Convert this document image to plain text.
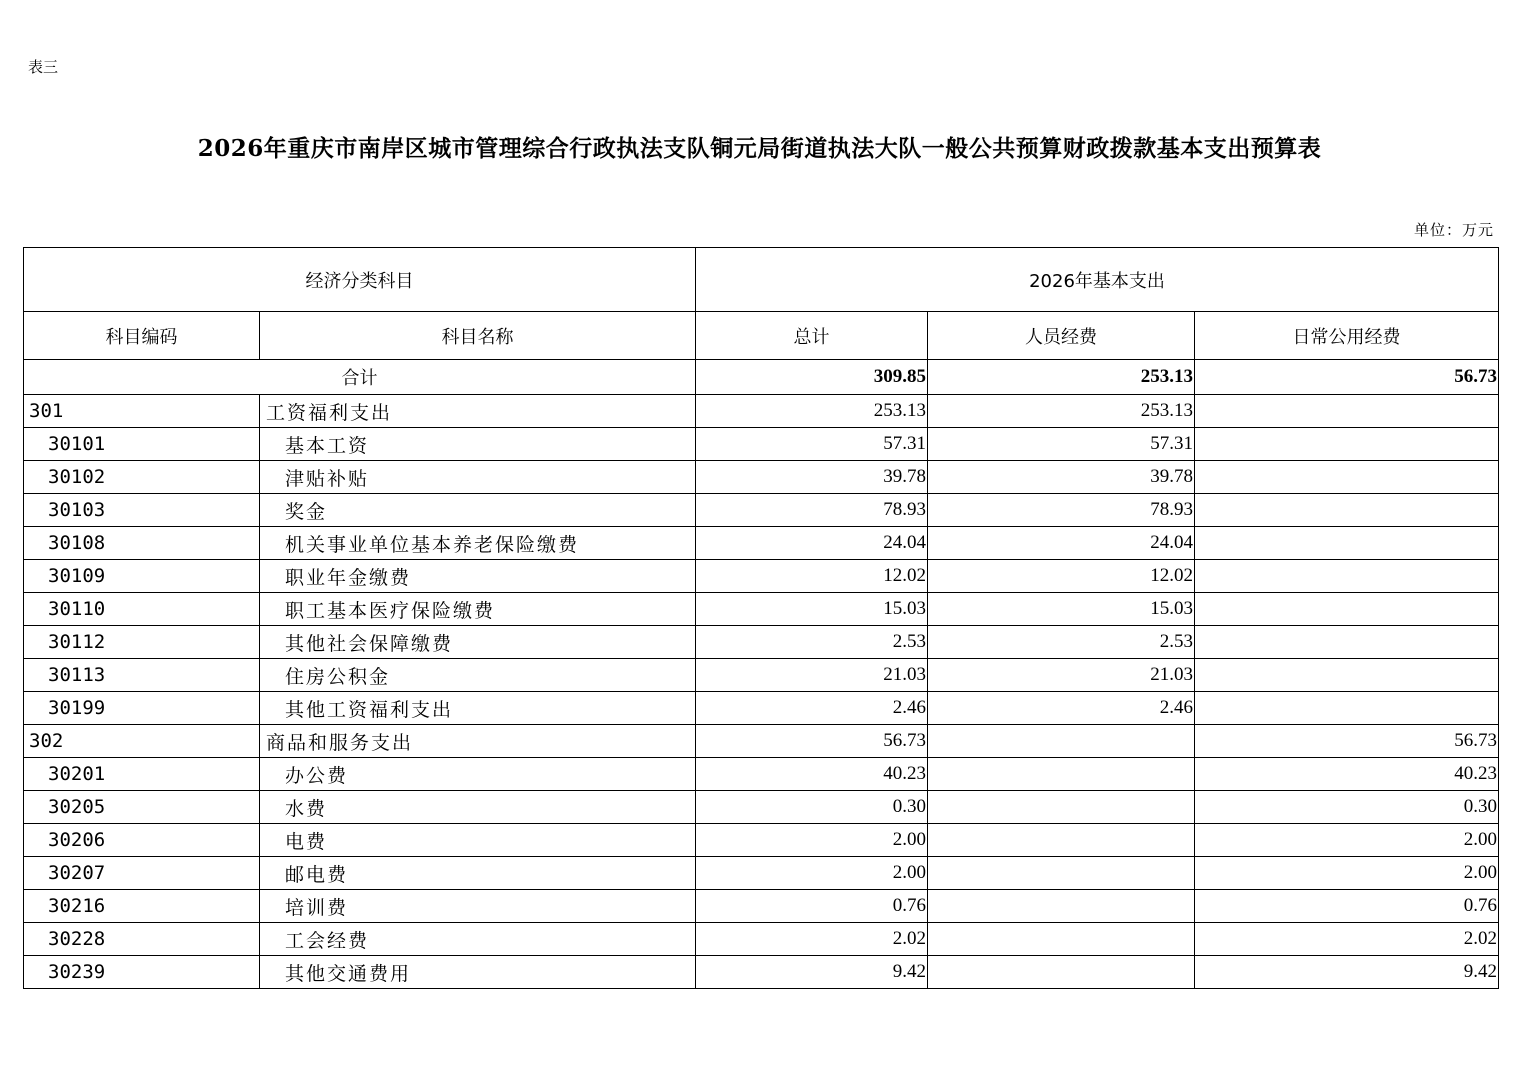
表三
2026年重庆市南岸区城市管理综合行政执法支队铜元局街道执法大队一般公共预算财政拨款基本支出预算表
单位：万元
经济分类科目		2026年基本支出		
科目编码	科目名称	总计	人员经费	日常公用经费
合计		309.85	253.13	56.73
301	工资福利支出	253.13	253.13	
30101	基本工资	57.31	57.31	
30102	津贴补贴	39.78	39.78	
30103	奖金	78.93	78.93	
30108	机关事业单位基本养老保险缴费	24.04	24.04	
30109	职业年金缴费	12.02	12.02	
30110	职工基本医疗保险缴费	15.03	15.03	
30112	其他社会保障缴费	2.53	2.53	
30113	住房公积金	21.03	21.03	
30199	其他工资福利支出	2.46	2.46	
302	商品和服务支出	56.73		56.73
30201	办公费	40.23		40.23
30205	水费	0.30		0.30
30206	电费	2.00		2.00
30207	邮电费	2.00		2.00
30216	培训费	0.76		0.76
30228	工会经费	2.02		2.02
30239	其他交通费用	9.42		9.42
